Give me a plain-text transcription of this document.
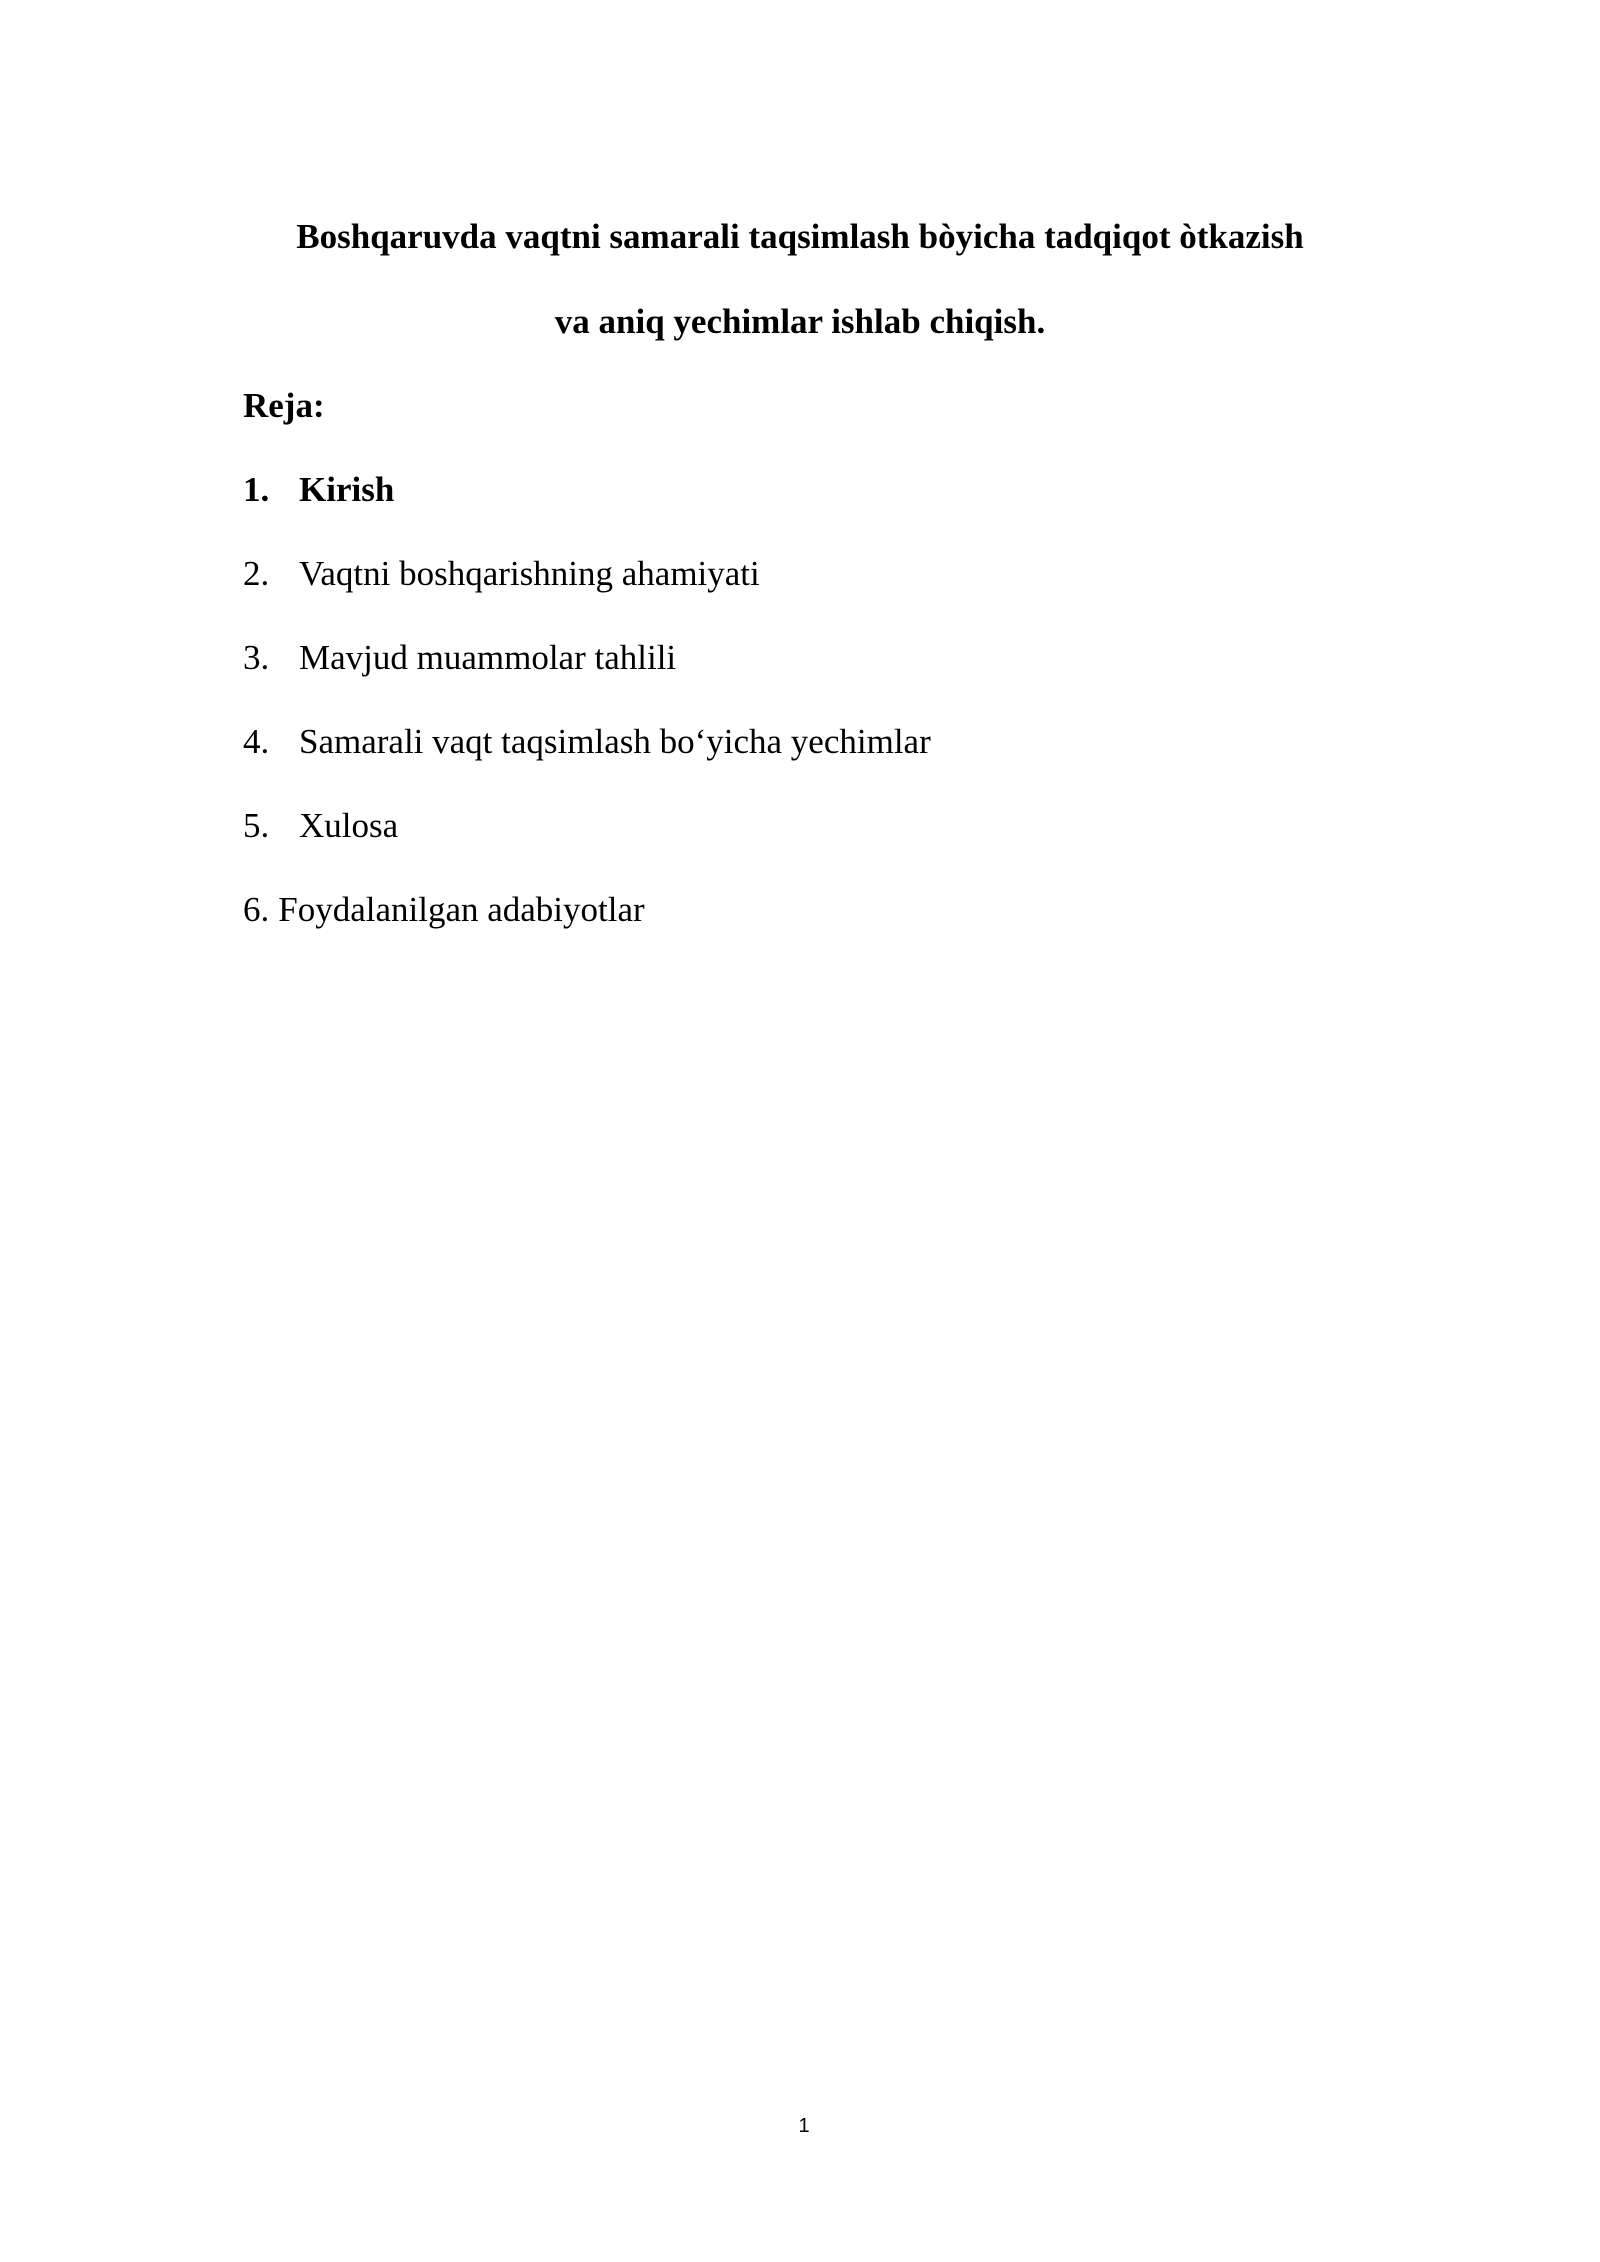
Boshqaruvda vaqtni samarali taqsimlash bòyicha tadqiqot òtkazish
va aniq yechimlar ishlab chiqish.
Reja:
1. Kirish
2. Vaqtni boshqarishning ahamiyati
3. Mavjud muammolar tahlili
4. Samarali vaqt taqsimlash bo‘yicha yechimlar
5. Xulosa
6. Foydalanilgan adabiyotlar
1
